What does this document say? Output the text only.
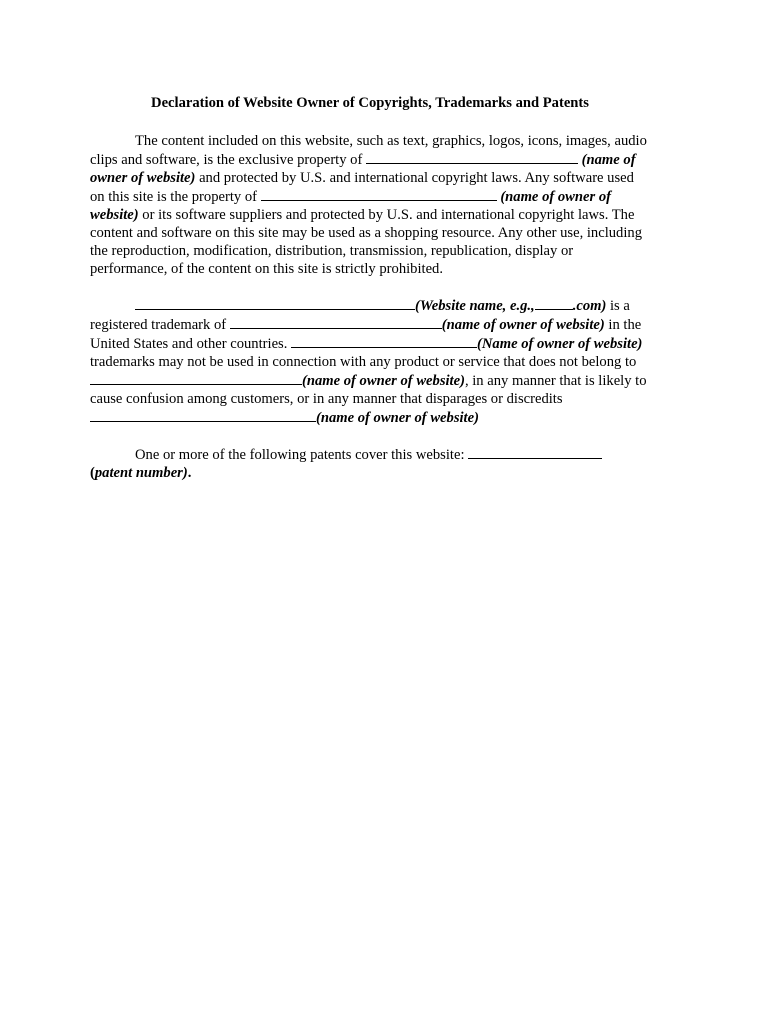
Declaration of Website Owner of Copyrights, Trademarks and Patents
The content included on this website, such as text, graphics, logos, icons, images, audio clips and software, is the exclusive property of	(name of owner of website) and protected by U.S. and international copyright laws. Any software used on this site is the property of	(name of owner of website) or its software suppliers and protected by U.S. and international copyright laws. The content and software on this site may be used as a shopping resource. Any other use, including the reproduction, modification, distribution, transmission, republication, display or performance, of the content on this site is strictly prohibited.
(Website name, e.g.,	.com) is a registered trademark of	(name of owner of website) in the United States and other countries.	(Name of owner of website) trademarks may not be used in connection with any product or service that does not belong to (name of owner of website), in any manner that is likely to cause confusion among customers, or in any manner that disparages or discredits (name of owner of website)
One or more of the following patents cover this website:  (patent number).
